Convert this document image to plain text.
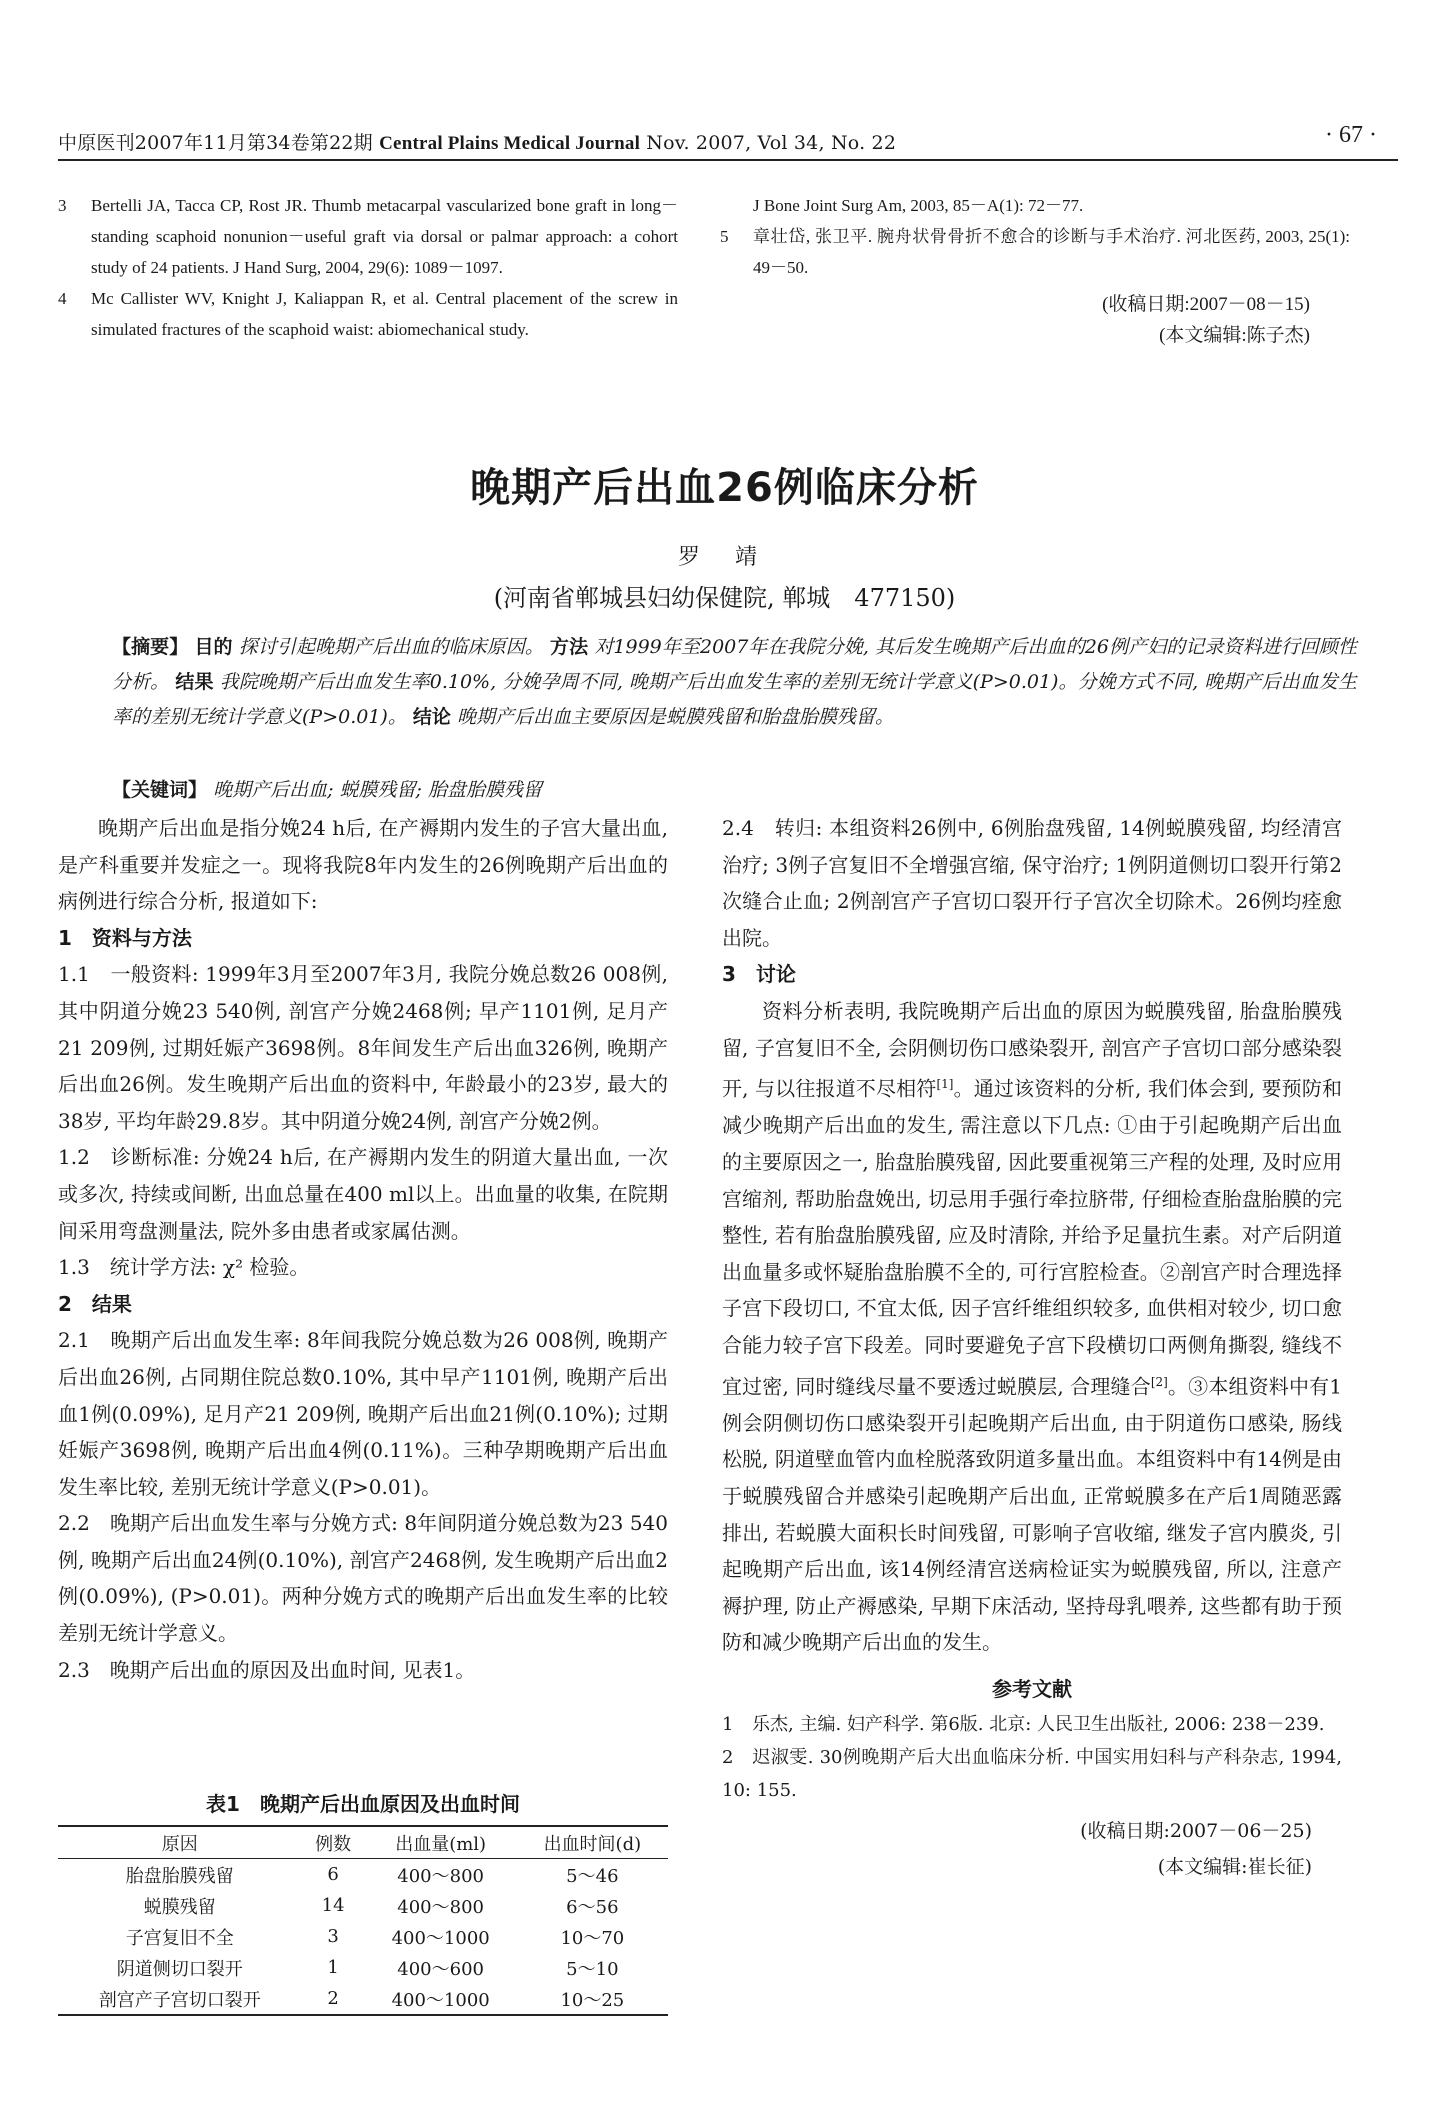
中原医刊2007年11月第34卷第22期 Central Plains Medical Journal Nov. 2007, Vol 34, No. 22	· 67 ·
3 Bertelli JA, Tacca CP, Rost JR. Thumb metacarpal vascularized bone graft in long－standing scaphoid nonunion－useful graft via dorsal or palmar approach: a cohort study of 24 patients. J Hand Surg, 2004, 29(6): 1089－1097.
4 Mc Callister WV, Knight J, Kaliappan R, et al. Central placement of the screw in simulated fractures of the scaphoid waist: abiomechanical study.
J Bone Joint Surg Am, 2003, 85－A(1): 72－77.
5 章壮岱, 张卫平. 腕舟状骨骨折不愈合的诊断与手术治疗. 河北医药, 2003, 25(1): 49－50.
(收稿日期:2007－08－15)
(本文编辑:陈子杰)
晚期产后出血26例临床分析
罗 靖
(河南省郸城县妇幼保健院, 郸城　477150)
【摘要】 目的 探讨引起晚期产后出血的临床原因。 方法 对1999年至2007年在我院分娩, 其后发生晚期产后出血的26例产妇的记录资料进行回顾性分析。 结果 我院晚期产后出血发生率0.10%, 分娩孕周不同, 晚期产后出血发生率的差别无统计学意义(P>0.01)。分娩方式不同, 晚期产后出血发生率的差别无统计学意义(P>0.01)。 结论 晚期产后出血主要原因是蜕膜残留和胎盘胎膜残留。
【关键词】 晚期产后出血; 蜕膜残留; 胎盘胎膜残留

晚期产后出血是指分娩24 h后, 在产褥期内发生的子宫大量出血, 是产科重要并发症之一。现将我院8年内发生的26例晚期产后出血的病例进行综合分析, 报道如下:

1　资料与方法

1.1　一般资料: 1999年3月至2007年3月, 我院分娩总数26 008例, 其中阴道分娩23 540例, 剖宫产分娩2468例; 早产1101例, 足月产21 209例, 过期妊娠产3698例。8年间发生产后出血326例, 晚期产后出血26例。发生晚期产后出血的资料中, 年龄最小的23岁, 最大的38岁, 平均年龄29.8岁。其中阴道分娩24例, 剖宫产分娩2例。

1.2　诊断标准: 分娩24 h后, 在产褥期内发生的阴道大量出血, 一次或多次, 持续或间断, 出血总量在400 ml以上。出血量的收集, 在院期间采用弯盘测量法, 院外多由患者或家属估测。

1.3　统计学方法: χ² 检验。

2　结果

2.1　晚期产后出血发生率: 8年间我院分娩总数为26 008例, 晚期产后出血26例, 占同期住院总数0.10%, 其中早产1101例, 晚期产后出血1例(0.09%), 足月产21 209例, 晚期产后出血21例(0.10%); 过期妊娠产3698例, 晚期产后出血4例(0.11%)。三种孕期晚期产后出血发生率比较, 差别无统计学意义(P>0.01)。

2.2　晚期产后出血发生率与分娩方式: 8年间阴道分娩总数为23 540例, 晚期产后出血24例(0.10%), 剖宫产2468例, 发生晚期产后出血2例(0.09%), (P>0.01)。两种分娩方式的晚期产后出血发生率的比较差别无统计学意义。

2.3　晚期产后出血的原因及出血时间, 见表1。

表1　晚期产后出血原因及出血时间
原因	例数	出血量(ml)	出血时间(d)
胎盘胎膜残留	6	400～800	5～46
蜕膜残留	14	400～800	6～56
子宫复旧不全	3	400～1000	10～70
阴道侧切口裂开	1	400～600	5～10
剖宫产子宫切口裂开	2	400～1000	10～25

2.4　转归: 本组资料26例中, 6例胎盘残留, 14例蜕膜残留, 均经清宫治疗; 3例子宫复旧不全增强宫缩, 保守治疗; 1例阴道侧切口裂开行第2次缝合止血; 2例剖宫产子宫切口裂开行子宫次全切除术。26例均痊愈出院。

3　讨论

资料分析表明, 我院晚期产后出血的原因为蜕膜残留, 胎盘胎膜残留, 子宫复旧不全, 会阴侧切伤口感染裂开, 剖宫产子宫切口部分感染裂开, 与以往报道不尽相符[1]。通过该资料的分析, 我们体会到, 要预防和减少晚期产后出血的发生, 需注意以下几点: ①由于引起晚期产后出血的主要原因之一, 胎盘胎膜残留, 因此要重视第三产程的处理, 及时应用宫缩剂, 帮助胎盘娩出, 切忌用手强行牵拉脐带, 仔细检查胎盘胎膜的完整性, 若有胎盘胎膜残留, 应及时清除, 并给予足量抗生素。对产后阴道出血量多或怀疑胎盘胎膜不全的, 可行宫腔检查。②剖宫产时合理选择子宫下段切口, 不宜太低, 因子宫纤维组织较多, 血供相对较少, 切口愈合能力较子宫下段差。同时要避免子宫下段横切口两侧角撕裂, 缝线不宜过密, 同时缝线尽量不要透过蜕膜层, 合理缝合[2]。③本组资料中有1例会阴侧切伤口感染裂开引起晚期产后出血, 由于阴道伤口感染, 肠线松脱, 阴道壁血管内血栓脱落致阴道多量出血。本组资料中有14例是由于蜕膜残留合并感染引起晚期产后出血, 正常蜕膜多在产后1周随恶露排出, 若蜕膜大面积长时间残留, 可影响子宫收缩, 继发子宫内膜炎, 引起晚期产后出血, 该14例经清宫送病检证实为蜕膜残留, 所以, 注意产褥护理, 防止产褥感染, 早期下床活动, 坚持母乳喂养, 这些都有助于预防和减少晚期产后出血的发生。

参考文献

1 乐杰, 主编. 妇产科学. 第6版. 北京: 人民卫生出版社, 2006: 238－239.

2 迟淑雯. 30例晚期产后大出血临床分析. 中国实用妇科与产科杂志, 1994, 10: 155.

(收稿日期:2007－06－25)

(本文编辑:崔长征)
